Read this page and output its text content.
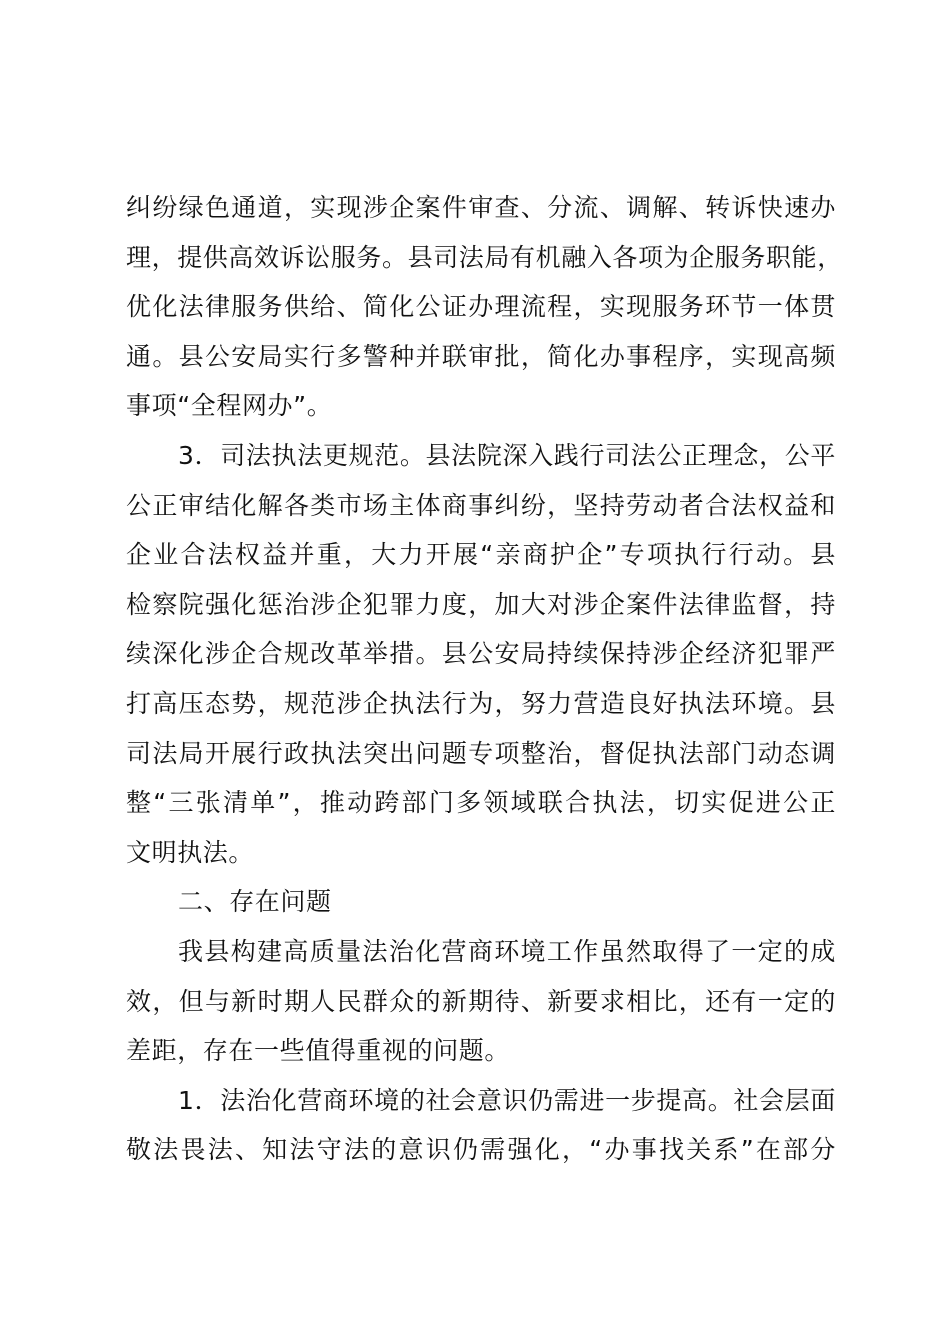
纠纷绿色通道，实现涉企案件审查、分流、调解、转诉快速办
理，提供高效诉讼服务。县司法局有机融入各项为企服务职能，
优化法律服务供给、简化公证办理流程，实现服务环节一体贯
通。县公安局实行多警种并联审批，简化办事程序，实现高频
事项“全程网办”。
3．司法执法更规范。县法院深入践行司法公正理念，公平
公正审结化解各类市场主体商事纠纷，坚持劳动者合法权益和
企业合法权益并重，大力开展“亲商护企”专项执行行动。县
检察院强化惩治涉企犯罪力度，加大对涉企案件法律监督，持
续深化涉企合规改革举措。县公安局持续保持涉企经济犯罪严
打高压态势，规范涉企执法行为，努力营造良好执法环境。县
司法局开展行政执法突出问题专项整治，督促执法部门动态调
整“三张清单”，推动跨部门多领域联合执法，切实促进公正
文明执法。
二、存在问题
我县构建高质量法治化营商环境工作虽然取得了一定的成
效，但与新时期人民群众的新期待、新要求相比，还有一定的
差距，存在一些值得重视的问题。
1．法治化营商环境的社会意识仍需进一步提高。社会层面
敬法畏法、知法守法的意识仍需强化，“办事找关系”在部分
